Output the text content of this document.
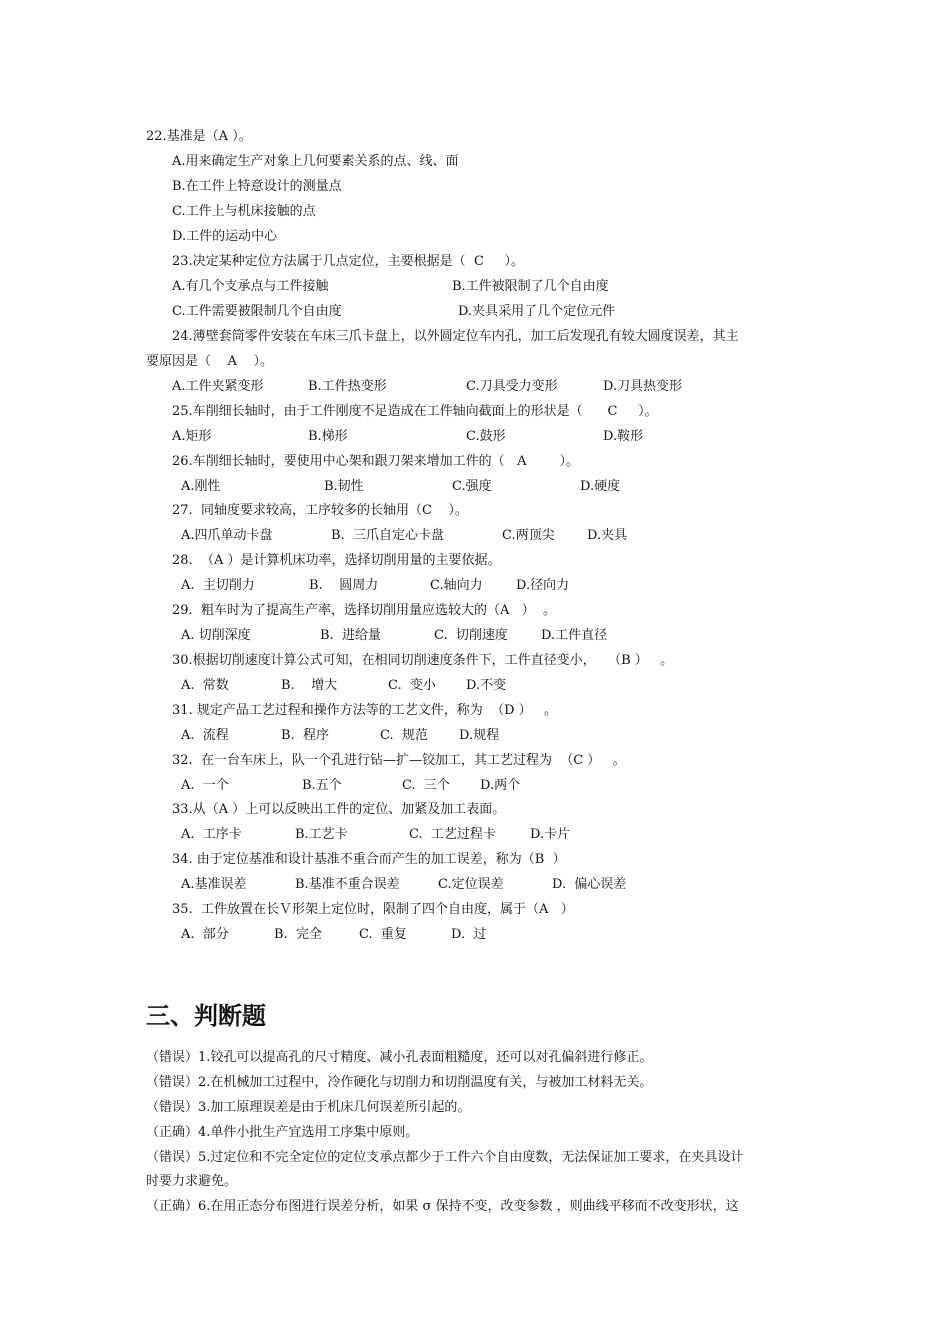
22.基准是（A ）。
A.用来确定生产对象上几何要素关系的点、线、面
B.在工件上特意设计的测量点
C.工件上与机床接触的点
D.工件的运动中心
23.决定某种定位方法属于几点定位，主要根据是（  C     ）。
A.有几个支承点与工件接触	B.工件被限制了几个自由度
C.工件需要被限制几个自由度	D.夹具采用了几个定位元件
24.薄壁套筒零件安装在车床三爪卡盘上，以外圆定位车内孔，加工后发现孔有较大圆度误差，其主
要原因是（    A    ）。
A.工件夹紧变形	B.工件热变形	C.刀具受力变形	D.刀具热变形
25.车削细长轴时，由于工件刚度不足造成在工件轴向截面上的形状是（      C     ）。
A.矩形	B.梯形	C.鼓形	D.鞍形
26.车削细长轴时，要使用中心架和跟刀架来增加工件的（   A        ）。
A.刚性	B.韧性	C.强度	D.硬度
27.  同轴度要求较高，工序较多的长轴用（C    ）。
A.四爪单动卡盘	B.  三爪自定心卡盘	C.两顶尖 D.夹具
28.  （A ）是计算机床功率，选择切削用量的主要依据。
A.  主切削力	B.    圆周力	C.轴向力	D.径向力
29.  粗车时为了提高生产率，选择切削用量应选较大的（A   ）  。
A. 切削深度	B.  进给量	C.  切削速度	D.工件直径
30.根据切削速度计算公式可知，在相同切削速度条件下，工件直径变小，   （B ）   。
A.  常数	B.    增大	C.  变小 D.不变
31. 规定产品工艺过程和操作方法等的工艺文件，称为  （D ）   。
A.  流程	B.  程序	C.  规范 D.规程
32.  在一台车床上，队一个孔进行钻—扩—铰加工，其工艺过程为  （C ）   。
A.  一个	B.五个	C.  三个 D.两个
33.从（A ）上可以反映出工件的定位、加紧及加工表面。
A.  工序卡	B.工艺卡	C.  工艺过程卡	D.卡片
34. 由于定位基准和设计基准不重合而产生的加工误差，称为（B  ）
A.基准误差	B.基准不重合误差	C.定位误差	D.  偏心误差
35.  工件放置在长Ｖ形架上定位时，限制了四个自由度，属于（A   ）
A.  部分	B.  完全	C.  重复	D.  过
三、判断题
（错误）1.铰孔可以提高孔的尺寸精度、减小孔表面粗糙度，还可以对孔偏斜进行修正。
（错误）2.在机械加工过程中，冷作硬化与切削力和切削温度有关，与被加工材料无关。
（错误）3.加工原理误差是由于机床几何误差所引起的。
（正确）4.单件小批生产宜选用工序集中原则。
（错误）5.过定位和不完全定位的定位支承点都少于工件六个自由度数，无法保证加工要求，在夹具设计
时要力求避免。
（正确）6.在用正态分布图进行误差分析，如果 σ 保持不变，改变参数 ，则曲线平移而不改变形状，这
